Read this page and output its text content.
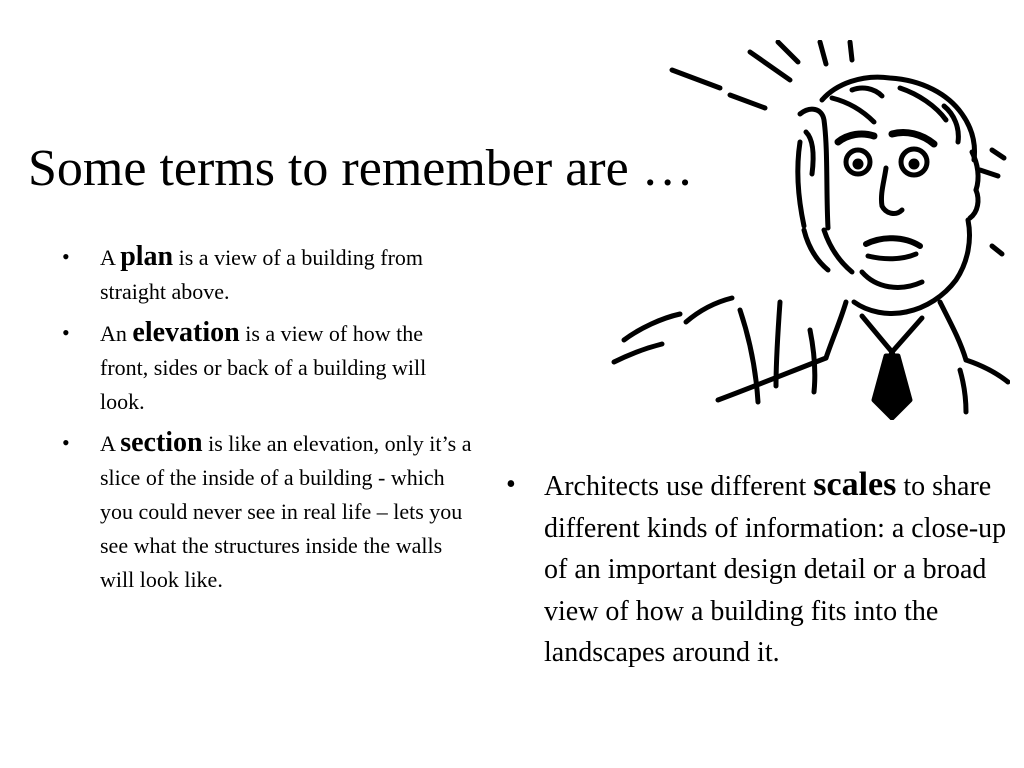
Some terms to remember are …
• A plan is a view of a building from straight above.
• An elevation is a view of how the front, sides or back of a building will look.
• A section is like an elevation, only it’s a slice of the inside of a building - which you could never see in real life – lets you see what the structures inside the walls will look like.
• Architects use different scales to share different kinds of information: a close-up of an important design detail or a broad view of how a building fits into the landscapes around it.
